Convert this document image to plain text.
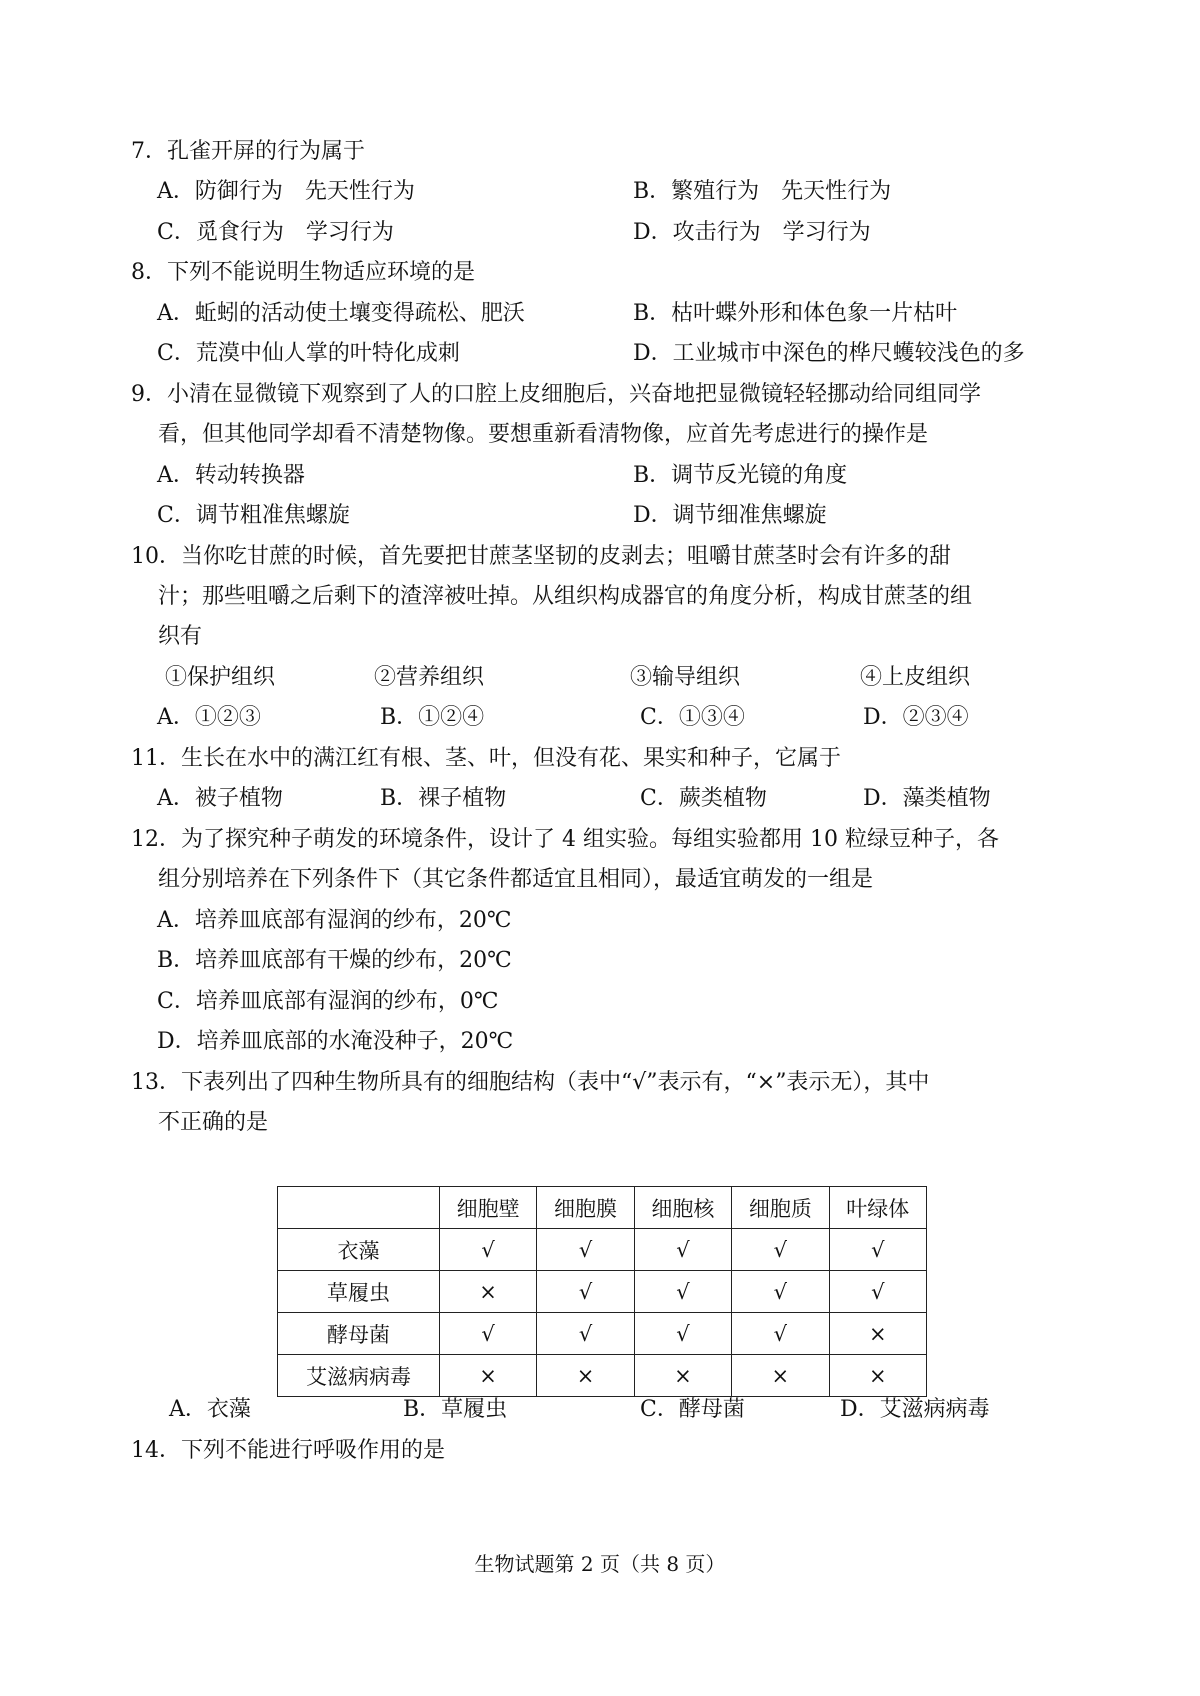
7．孔雀开屏的行为属于
A．防御行为　先天性行为	B．繁殖行为　先天性行为
C．觅食行为　学习行为	D．攻击行为　学习行为
8．下列不能说明生物适应环境的是
A．蚯蚓的活动使土壤变得疏松、肥沃	B．枯叶蝶外形和体色象一片枯叶
C．荒漠中仙人掌的叶特化成刺	D．工业城市中深色的桦尺蠖较浅色的多
9．小清在显微镜下观察到了人的口腔上皮细胞后，兴奋地把显微镜轻轻挪动给同组同学
看，但其他同学却看不清楚物像。要想重新看清物像，应首先考虑进行的操作是
A．转动转换器	B．调节反光镜的角度
C．调节粗准焦螺旋	D．调节细准焦螺旋
10．当你吃甘蔗的时候，首先要把甘蔗茎坚韧的皮剥去；咀嚼甘蔗茎时会有许多的甜
汁；那些咀嚼之后剩下的渣滓被吐掉。从组织构成器官的角度分析，构成甘蔗茎的组
织有
①保护组织	②营养组织	③输导组织	④上皮组织
A．①②③	B．①②④	C．①③④	D．②③④
11．生长在水中的满江红有根、茎、叶，但没有花、果实和种子，它属于
A．被子植物	B．裸子植物	C．蕨类植物	D．藻类植物
12．为了探究种子萌发的环境条件，设计了 4 组实验。每组实验都用 10 粒绿豆种子，各
组分别培养在下列条件下（其它条件都适宜且相同），最适宜萌发的一组是
A．培养皿底部有湿润的纱布，20℃
B．培养皿底部有干燥的纱布，20℃
C．培养皿底部有湿润的纱布，0℃
D．培养皿底部的水淹没种子，20℃
13．下表列出了四种生物所具有的细胞结构（表中“√”表示有，“×”表示无），其中
不正确的是
	细胞壁	细胞膜	细胞核	细胞质	叶绿体
衣藻	√	√	√	√	√
草履虫	×	√	√	√	√
酵母菌	√	√	√	√	×
艾滋病病毒	×	×	×	×	×
A．衣藻	B．草履虫	C．酵母菌	D．艾滋病病毒
14．下列不能进行呼吸作用的是
生物试题第 2 页（共 8 页）
